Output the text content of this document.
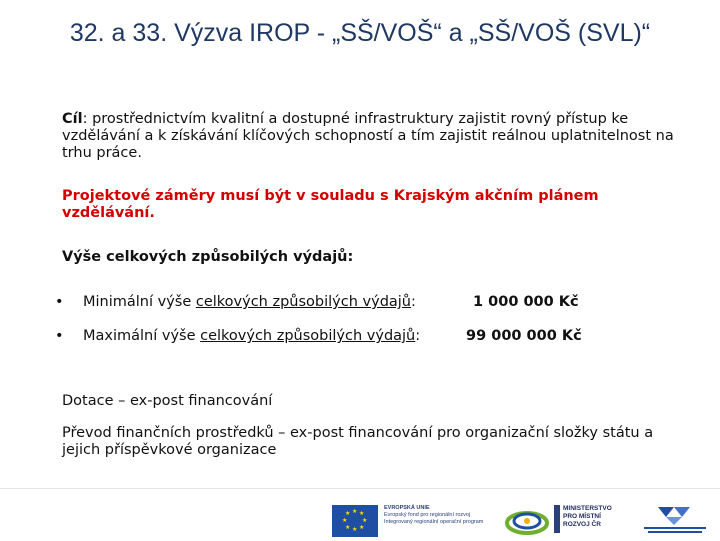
32. a 33. Výzva IROP - „SŠ/VOŠ“ a „SŠ/VOŠ (SVL)“
Cíl: prostřednictvím kvalitní a dostupné infrastruktury zajistit rovný přístup ke vzdělávání a k získávání klíčových schopností a tím zajistit reálnou uplatnitelnost na trhu práce.
Projektové záměry musí být v souladu s Krajským akčním plánem vzdělávání.
Výše celkových způsobilých výdajů:
• Minimální výše celkových způsobilých výdajů:	1 000 000 Kč
• Maximální výše celkových způsobilých výdajů:	99 000 000 Kč
Dotace – ex-post financování
Převod finančních prostředků – ex-post financování pro organizační složky státu a jejich příspěvkové organizace
★ ★
★
★
★
★
★
★
EVROPSKÁ UNIE
Evropský fond pro regionální rozvoj
Integrovaný regionální operační program
MINISTERSTVO
PRO MÍSTNÍ
ROZVOJ ČR
